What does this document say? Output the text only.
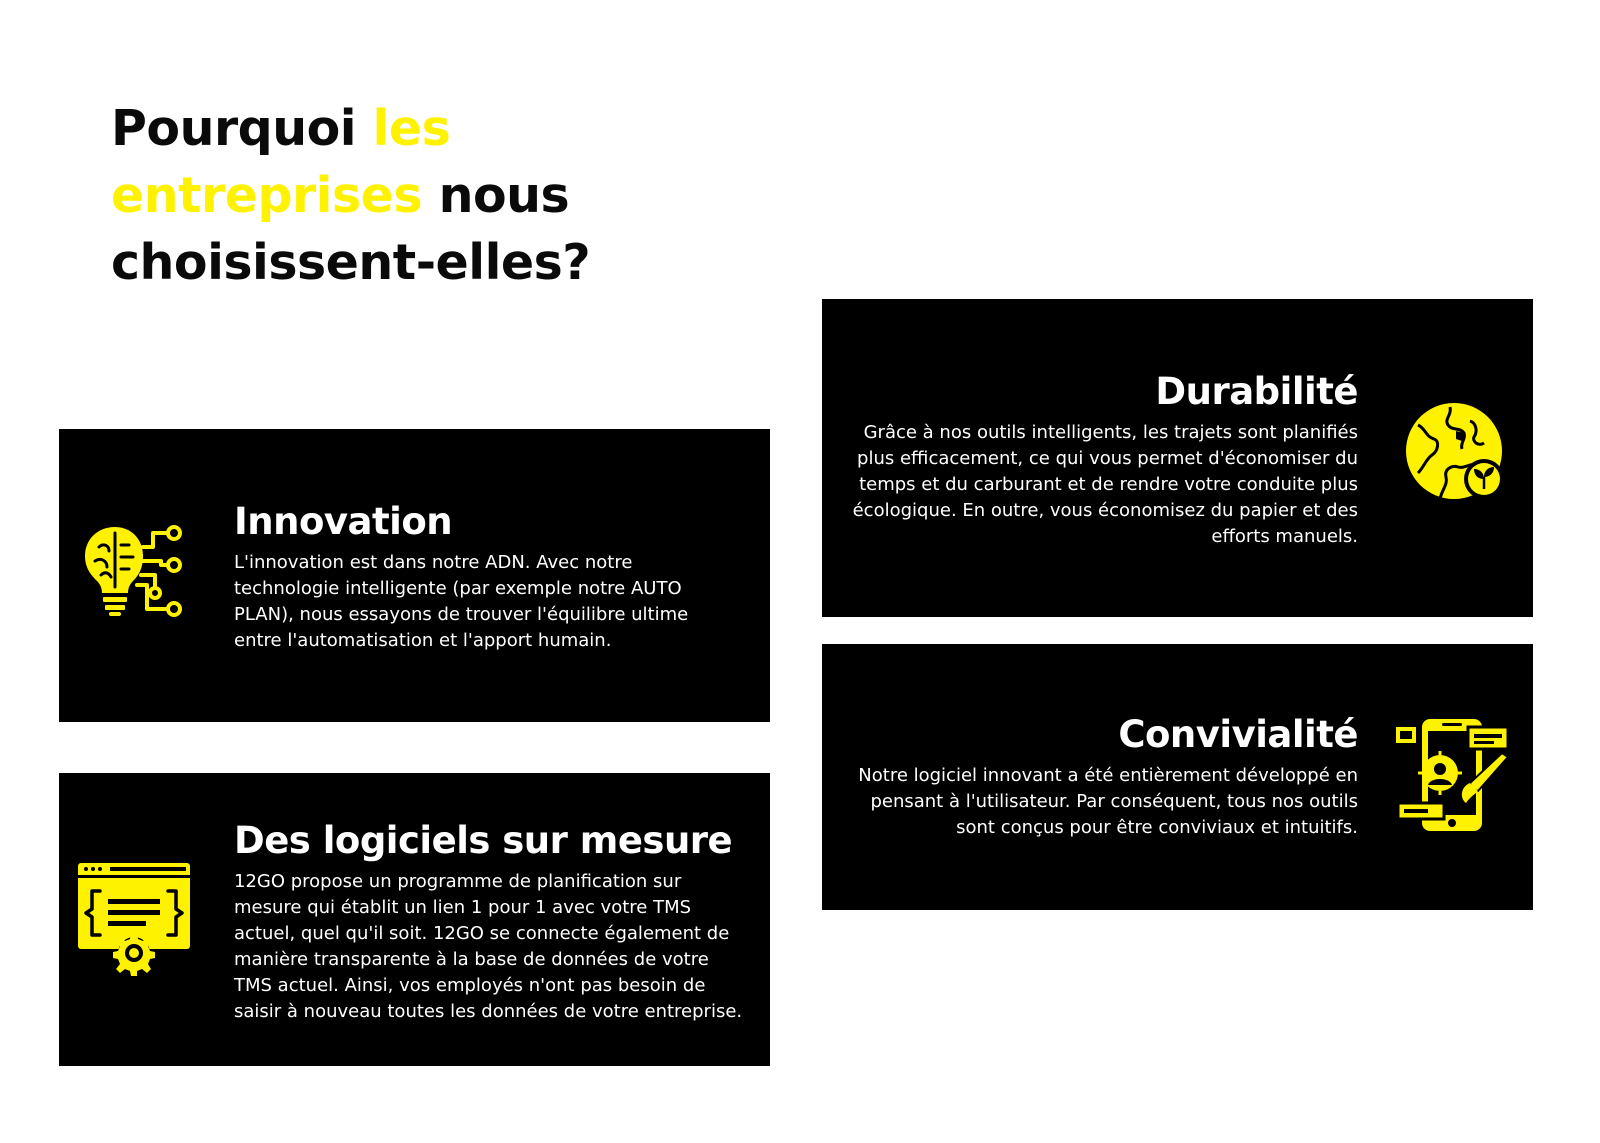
Pourquoi les entreprises nous choisissent-elles?
Innovation

L'innovation est dans notre ADN. Avec notre technologie intelligente (par exemple notre AUTO PLAN), nous essayons de trouver l'équilibre ultime entre l'automatisation et l'apport humain.

Des logiciels sur mesure

12GO propose un programme de planification sur mesure qui établit un lien 1 pour 1 avec votre TMS actuel, quel qu'il soit. 12GO se connecte également de manière transparente à la base de données de votre TMS actuel. Ainsi, vos employés n'ont pas besoin de saisir à nouveau toutes les données de votre entreprise.

Durabilité

Grâce à nos outils intelligents, les trajets sont planifiés plus efficacement, ce qui vous permet d'économiser du temps et du carburant et de rendre votre conduite plus écologique. En outre, vous économisez du papier et des efforts manuels.

Convivialité

Notre logiciel innovant a été entièrement développé en pensant à l'utilisateur. Par conséquent, tous nos outils sont conçus pour être conviviaux et intuitifs.
